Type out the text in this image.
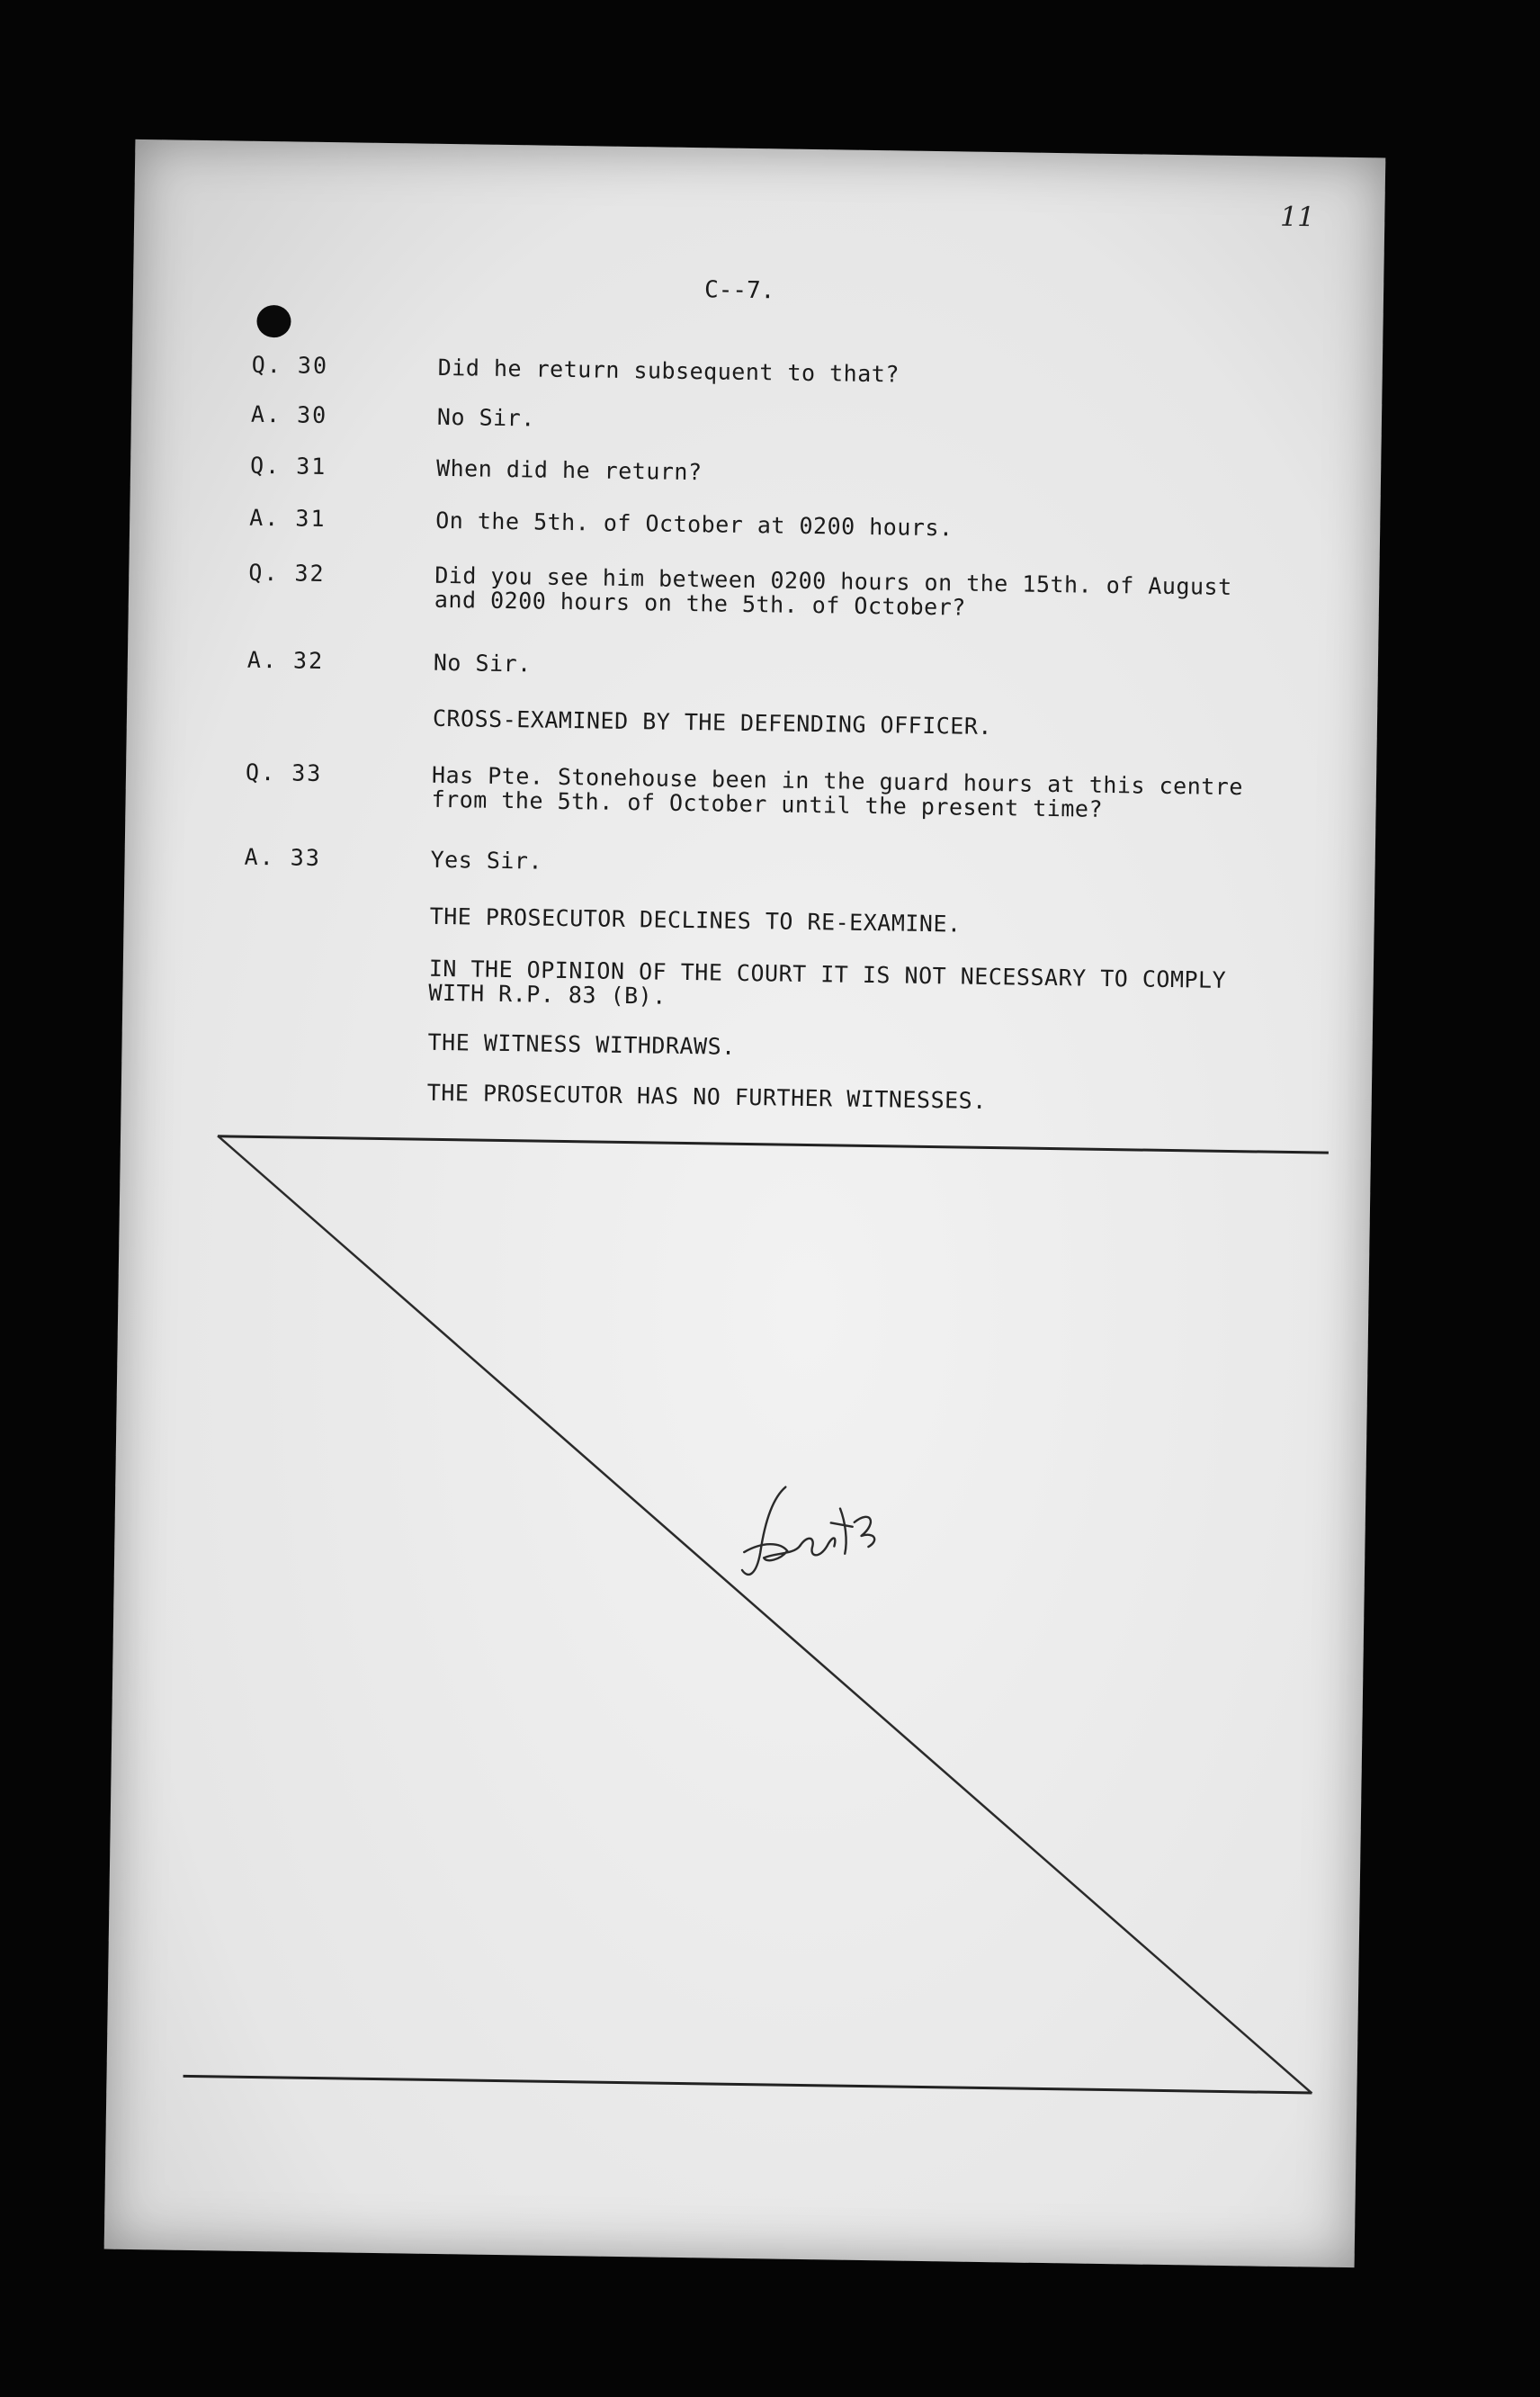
11
C--7.
Q. 30	Did he return subsequent to that?
A. 30	No Sir.
Q. 31	When did he return?
A. 31	On the 5th. of October at 0200 hours.
Q. 32	Did you see him between 0200 hours on the 15th. of August
and 0200 hours on the 5th. of October?
A. 32	No Sir.
CROSS-EXAMINED BY THE DEFENDING OFFICER.
Q. 33	Has Pte. Stonehouse been in the guard hours at this centre
from the 5th. of October until the present time?
A. 33	Yes Sir.
THE PROSECUTOR DECLINES TO RE-EXAMINE.
IN THE OPINION OF THE COURT IT IS NOT NECESSARY TO COMPLY
WITH R.P. 83 (B).
THE WITNESS WITHDRAWS.
THE PROSECUTOR HAS NO FURTHER WITNESSES.
